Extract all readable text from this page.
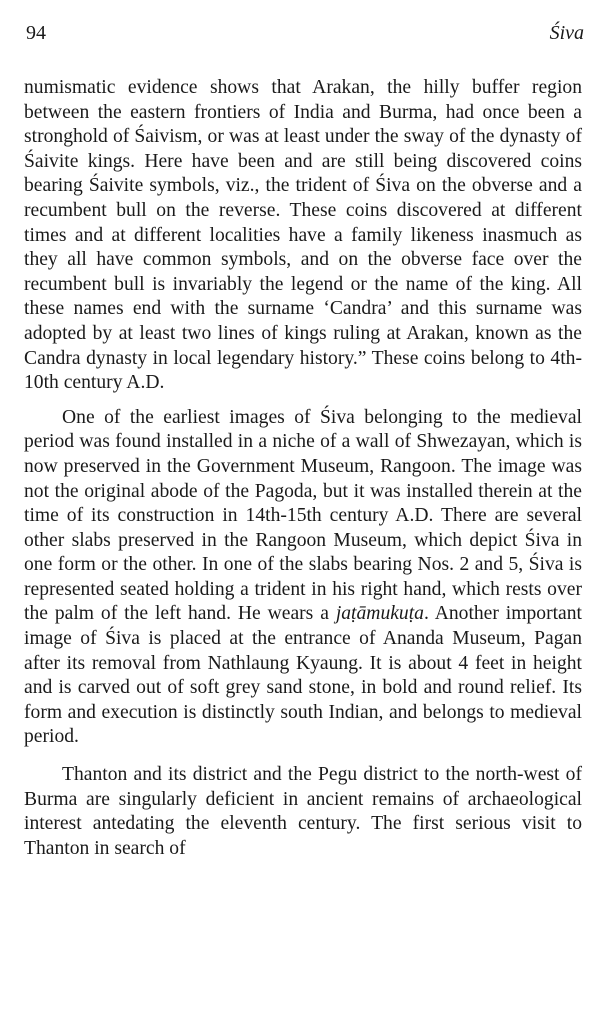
94	Śiva

numismatic evidence shows that Arakan, the hilly buffer region between the eastern frontiers of India and Burma, had once been a stronghold of Śaivism, or was at least under the sway of the dynasty of Śaivite kings. Here have been and are still being discovered coins bearing Śaivite symbols, viz., the trident of Śiva on the obverse and a recumbent bull on the reverse. These coins discovered at different times and at different localities have a family likeness inasmuch as they all have common symbols, and on the obverse face over the recumbent bull is invariably the legend or the name of the king. All these names end with the surname ‘Candra’ and this surname was adopted by at least two lines of kings ruling at Arakan, known as the Candra dynasty in local legendary history.” These coins belong to 4th-10th century A.D.

One of the earliest images of Śiva belonging to the medieval period was found installed in a niche of a wall of Shwezayan, which is now preserved in the Government Museum, Rangoon. The image was not the original abode of the Pagoda, but it was installed therein at the time of its construction in 14th-15th century A.D. There are several other slabs preserved in the Rangoon Museum, which depict Śiva in one form or the other. In one of the slabs bearing Nos. 2 and 5, Śiva is represented seated holding a trident in his right hand, which rests over the palm of the left hand. He wears a jaṭāmukuṭa. Another important image of Śiva is placed at the entrance of Ananda Museum, Pagan after its removal from Nathlaung Kyaung. It is about 4 feet in height and is carved out of soft grey sand stone, in bold and round relief. Its form and execution is distinctly south Indian, and belongs to medieval period.

Thanton and its district and the Pegu district to the north-west of Burma are singularly deficient in ancient remains of archaeological interest antedating the eleventh century. The first serious visit to Thanton in search of
